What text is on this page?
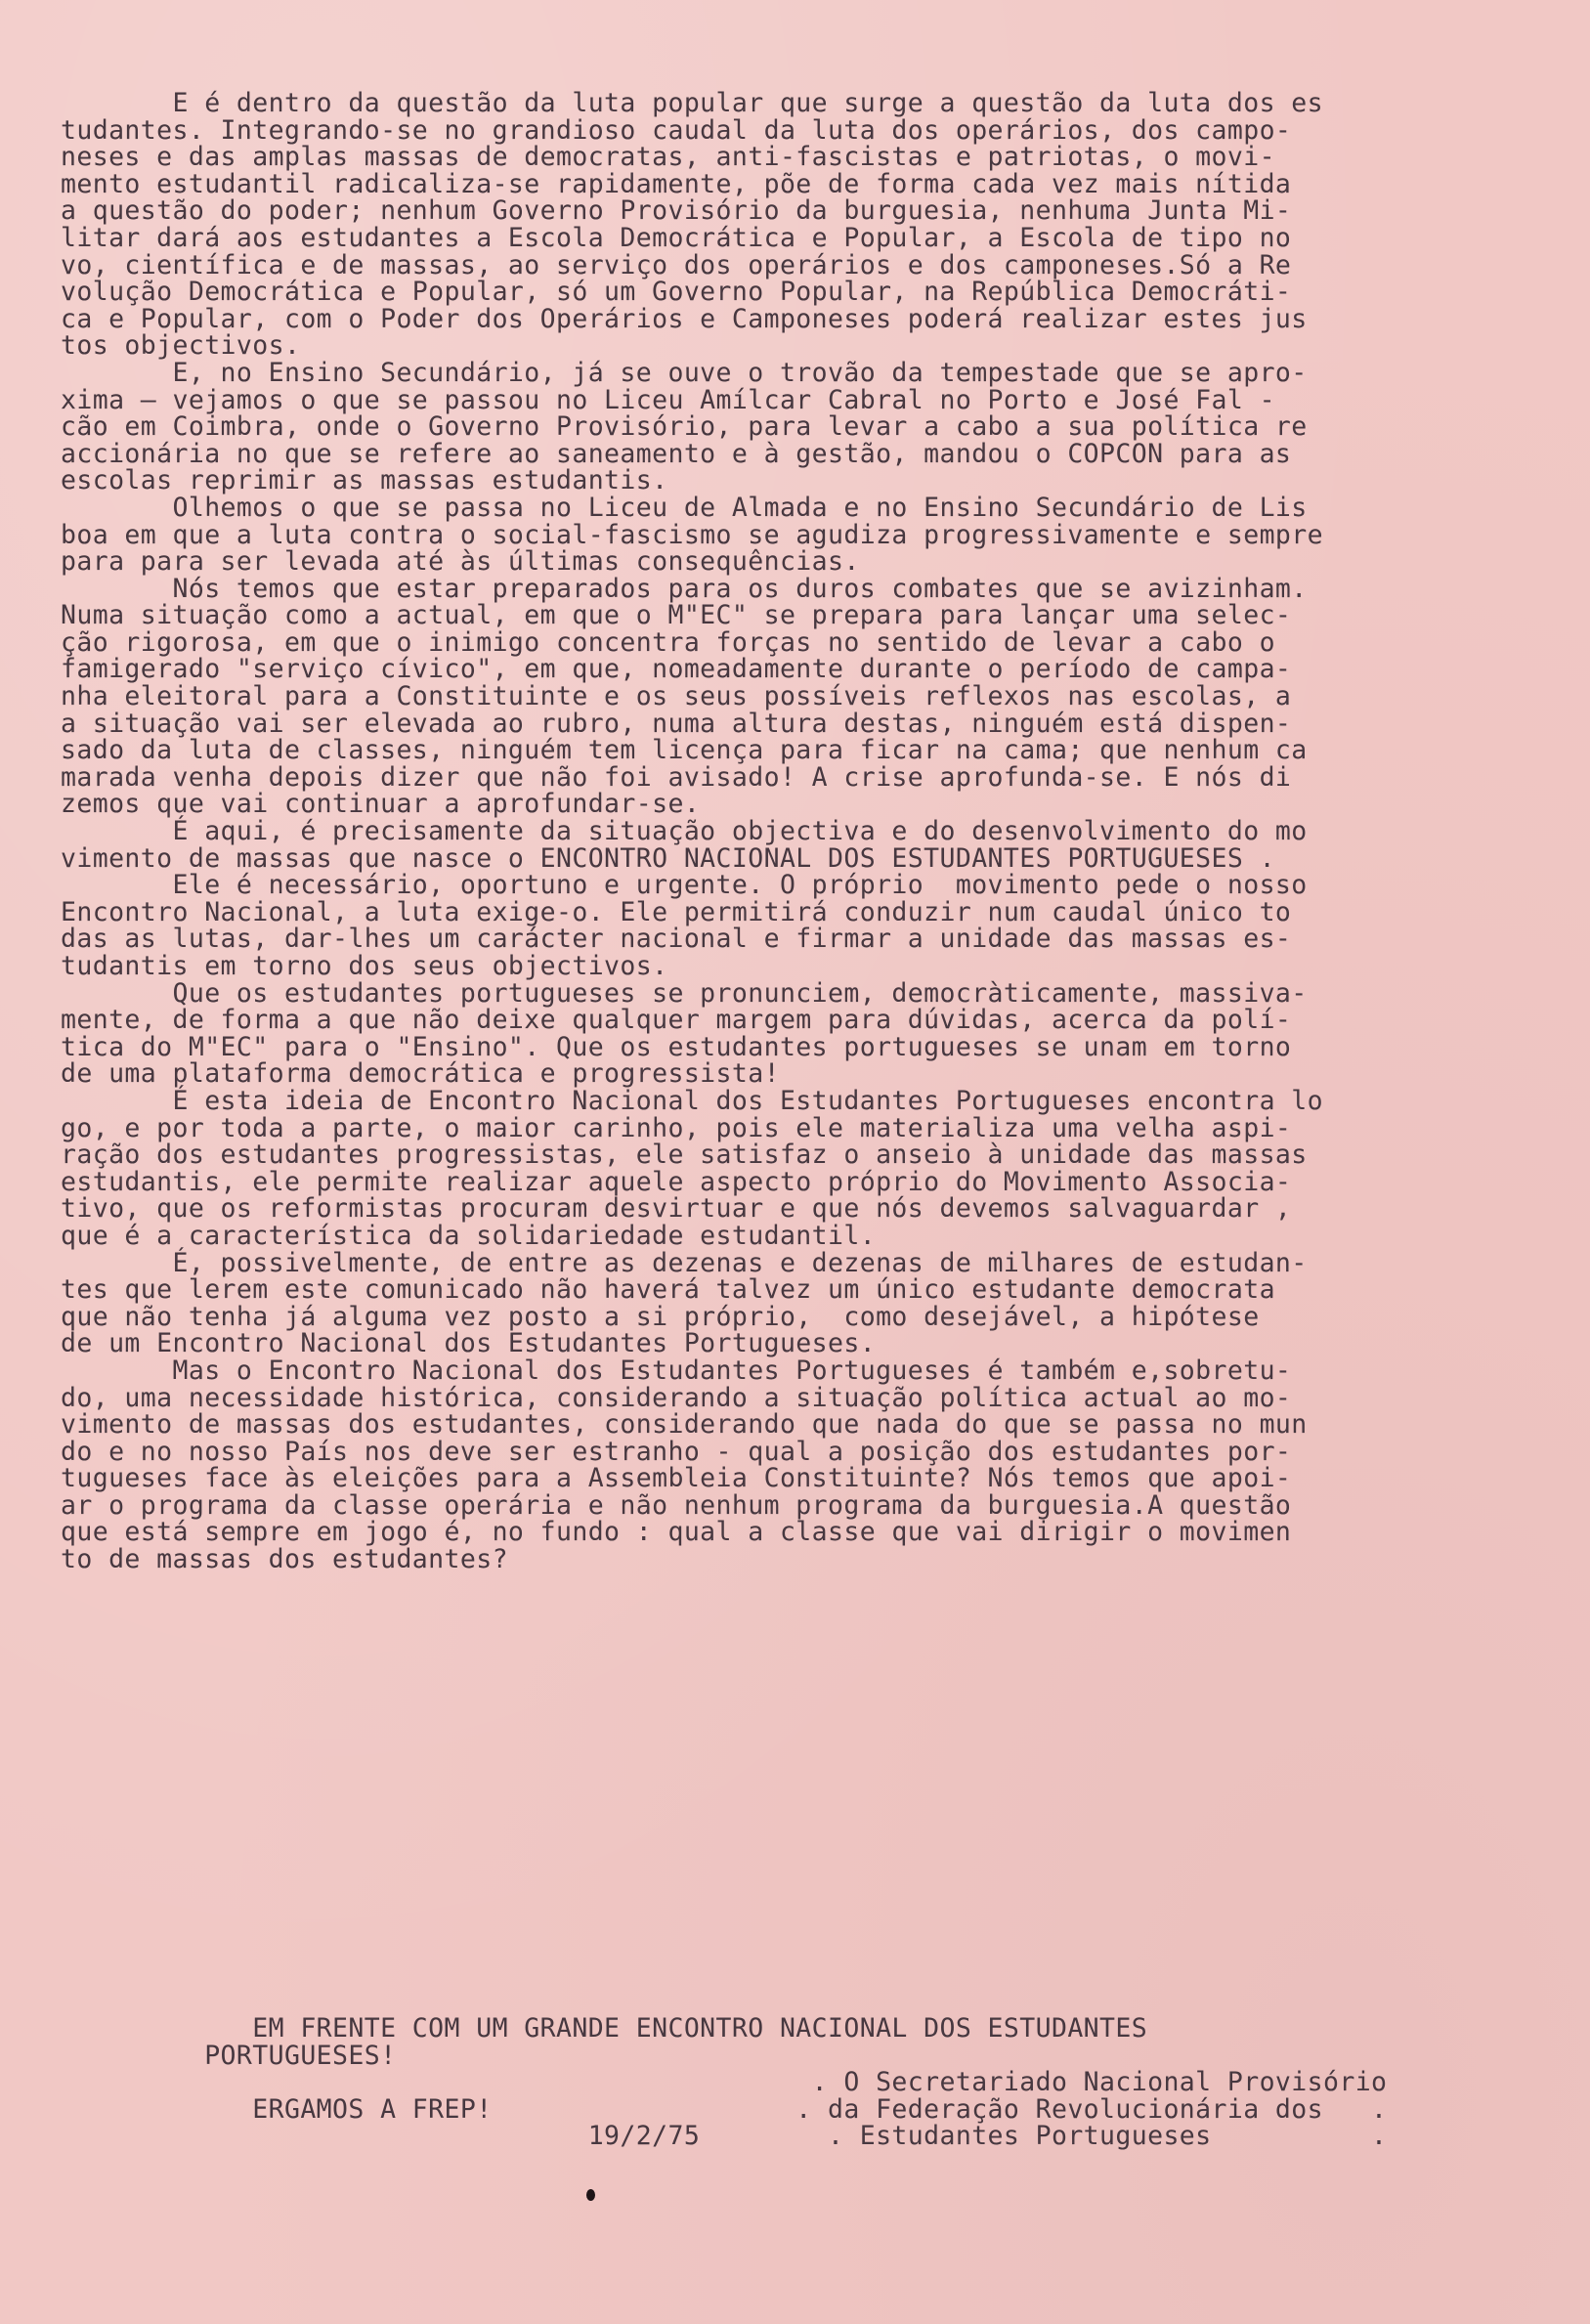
E é dentro da questão da luta popular que surge a questão da luta dos es
tudantes. Integrando-se no grandioso caudal da luta dos operários, dos campo-
neses e das amplas massas de democratas, anti-fascistas e patriotas, o movi-
mento estudantil radicaliza-se rapidamente, põe de forma cada vez mais nítida
a questão do poder; nenhum Governo Provisório da burguesia, nenhuma Junta Mi-
litar dará aos estudantes a Escola Democrática e Popular, a Escola de tipo no
vo, científica e de massas, ao serviço dos operários e dos camponeses.Só a Re
volução Democrática e Popular, só um Governo Popular, na República Democráti-
ca e Popular, com o Poder dos Operários e Camponeses poderá realizar estes jus
tos objectivos.
E, no Ensino Secundário, já se ouve o trovão da tempestade que se apro-
xima — vejamos o que se passou no Liceu Amílcar Cabral no Porto e José Fal -
cão em Coimbra, onde o Governo Provisório, para levar a cabo a sua política re
accionária no que se refere ao saneamento e à gestão, mandou o COPCON para as
escolas reprimir as massas estudantis.
Olhemos o que se passa no Liceu de Almada e no Ensino Secundário de Lis
boa em que a luta contra o social-fascismo se agudiza progressivamente e sempre
para para ser levada até às últimas consequências.
Nós temos que estar preparados para os duros combates que se avizinham.
Numa situação como a actual, em que o M"EC" se prepara para lançar uma selec-
ção rigorosa, em que o inimigo concentra forças no sentido de levar a cabo o
famigerado "serviço cívico", em que, nomeadamente durante o período de campa-
nha eleitoral para a Constituinte e os seus possíveis reflexos nas escolas, a
a situação vai ser elevada ao rubro, numa altura destas, ninguém está dispen-
sado da luta de classes, ninguém tem licença para ficar na cama; que nenhum ca
marada venha depois dizer que não foi avisado! A crise aprofunda-se. E nós di
zemos que vai continuar a aprofundar-se.
É aqui, é precisamente da situação objectiva e do desenvolvimento do mo
vimento de massas que nasce o ENCONTRO NACIONAL DOS ESTUDANTES PORTUGUESES .
Ele é necessário, oportuno e urgente. O próprio  movimento pede o nosso
Encontro Nacional, a luta exige-o. Ele permitirá conduzir num caudal único to
das as lutas, dar-lhes um carácter nacional e firmar a unidade das massas es-
tudantis em torno dos seus objectivos.
Que os estudantes portugueses se pronunciem, democràticamente, massiva-
mente, de forma a que não deixe qualquer margem para dúvidas, acerca da polí-
tica do M"EC" para o "Ensino". Que os estudantes portugueses se unam em torno
de uma plataforma democrática e progressista!
É esta ideia de Encontro Nacional dos Estudantes Portugueses encontra lo
go, e por toda a parte, o maior carinho, pois ele materializa uma velha aspi-
ração dos estudantes progressistas, ele satisfaz o anseio à unidade das massas
estudantis, ele permite realizar aquele aspecto próprio do Movimento Associa-
tivo, que os reformistas procuram desvirtuar e que nós devemos salvaguardar ,
que é a característica da solidariedade estudantil.
É, possivelmente, de entre as dezenas e dezenas de milhares de estudan-
tes que lerem este comunicado não haverá talvez um único estudante democrata
que não tenha já alguma vez posto a si próprio,  como desejável, a hipótese
de um Encontro Nacional dos Estudantes Portugueses.
Mas o Encontro Nacional dos Estudantes Portugueses é também e,sobretu-
do, uma necessidade histórica, considerando a situação política actual ao mo-
vimento de massas dos estudantes, considerando que nada do que se passa no mun
do e no nosso País nos deve ser estranho - qual a posição dos estudantes por-
tugueses face às eleições para a Assembleia Constituinte? Nós temos que apoi-
ar o programa da classe operária e não nenhum programa da burguesia.A questão
que está sempre em jogo é, no fundo : qual a classe que vai dirigir o movimen
to de massas dos estudantes?
EM FRENTE COM UM GRANDE ENCONTRO NACIONAL DOS ESTUDANTES
PORTUGUESES!
. O Secretariado Nacional Provisório
ERGAMOS A FREP!                   . da Federação Revolucionária dos   .
19/2/75        . Estudantes Portugueses          .
